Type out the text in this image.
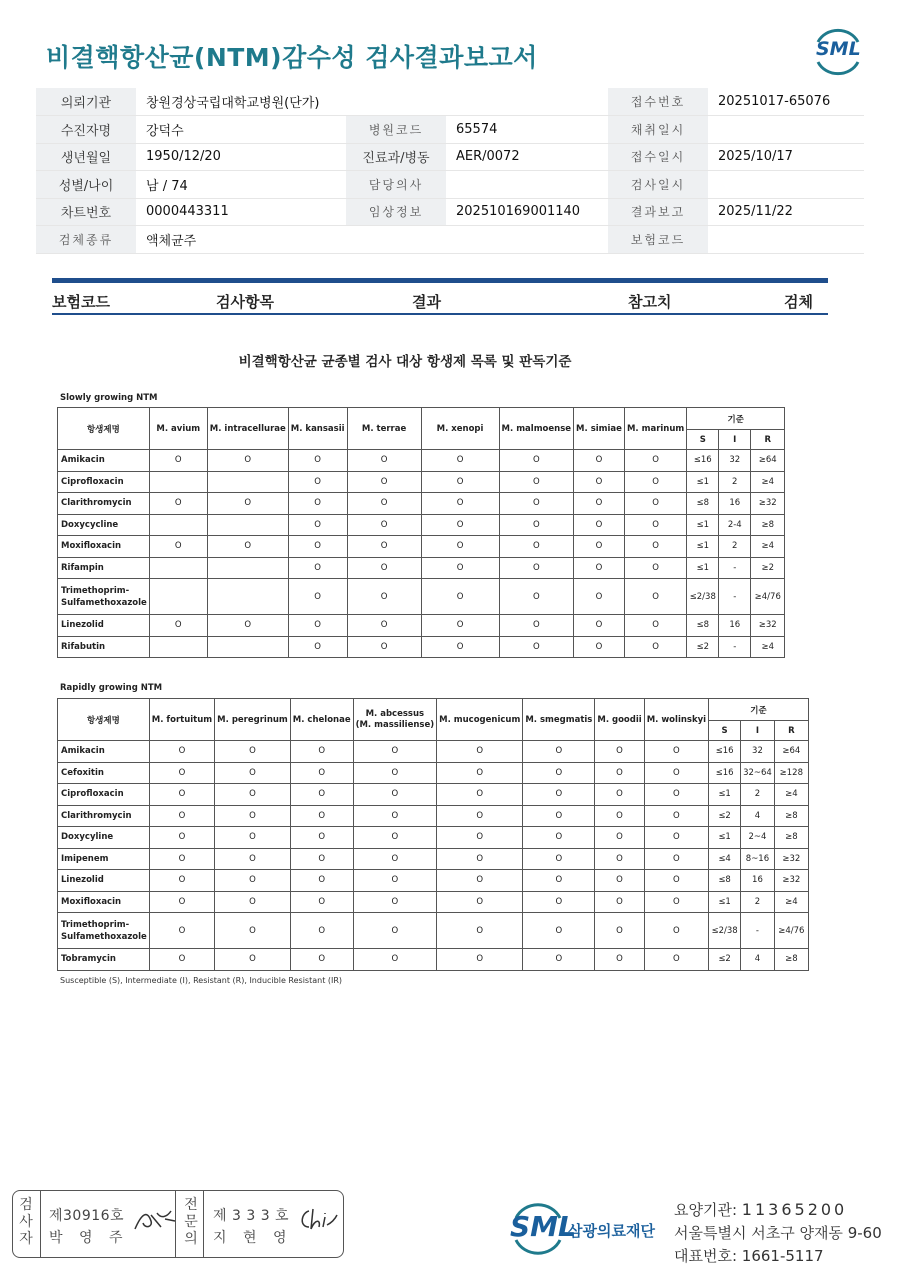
비결핵항산균(NTM)감수성 검사결과보고서	SML
의뢰기관	창원경상국립대학교병원(단가)			접수번호	20251017-65076
수진자명	강덕수	병원코드	65574	채취일시	
생년월일	1950/12/20	진료과/병동	AER/0072	접수일시	2025/10/17
성별/나이	남 / 74	담당의사		검사일시	
차트번호	0000443311	임상정보	202510169001140	결과보고	2025/11/22
검체종류	액체균주			보험코드	
보험코드	검사항목	결과	참고치	검체
비결핵항산균 균종별 검사 대상 항생제 목록 및 판독기준
Slowly growing NTM
항생제명	M. avium	M. intracellurae	M. kansasii	M. terrae	M. xenopi	M. malmoense	M. simiae	M. marinum	기준		
									S	I	R
Amikacin	O	O	O	O	O	O	O	O	≤16	32	≥64
Ciprofloxacin			O	O	O	O	O	O	≤1	2	≥4
Clarithromycin	O	O	O	O	O	O	O	O	≤8	16	≥32
Doxycycline			O	O	O	O	O	O	≤1	2-4	≥8
Moxifloxacin	O	O	O	O	O	O	O	O	≤1	2	≥4
Rifampin			O	O	O	O	O	O	≤1	-	≥2
Trimethoprim-
Sulfamethoxazole			O	O	O	O	O	O	≤2/38	-	≥4/76
Linezolid	O	O	O	O	O	O	O	O	≤8	16	≥32
Rifabutin			O	O	O	O	O	O	≤2	-	≥4
Rapidly growing NTM
항생제명	M. fortuitum	M. peregrinum	M. chelonae	M. abcessus
(M. massiliense)	M. mucogenicum	M. smegmatis	M. goodii	M. wolinskyi	기준		
									S	I	R
Amikacin	O	O	O	O	O	O	O	O	≤16	32	≥64
Cefoxitin	O	O	O	O	O	O	O	O	≤16	32~64	≥128
Ciprofloxacin	O	O	O	O	O	O	O	O	≤1	2	≥4
Clarithromycin	O	O	O	O	O	O	O	O	≤2	4	≥8
Doxycyline	O	O	O	O	O	O	O	O	≤1	2~4	≥8
Imipenem	O	O	O	O	O	O	O	O	≤4	8~16	≥32
Linezolid	O	O	O	O	O	O	O	O	≤8	16	≥32
Moxifloxacin	O	O	O	O	O	O	O	O	≤1	2	≥4
Trimethoprim-
Sulfamethoxazole	O	O	O	O	O	O	O	O	≤2/38	-	≥4/76
Tobramycin	O	O	O	O	O	O	O	O	≤2	4	≥8
Susceptible (S), Intermediate (I), Resistant (R), Inducible Resistant (IR)
검
사
자
제30916호
박 영 주
전
문
의
제 3 3 3 호
지 현 영	SML
삼광의료재단
요양기관: 11365200
서울특별시 서초구 양재동 9-60
대표번호: 1661-5117
